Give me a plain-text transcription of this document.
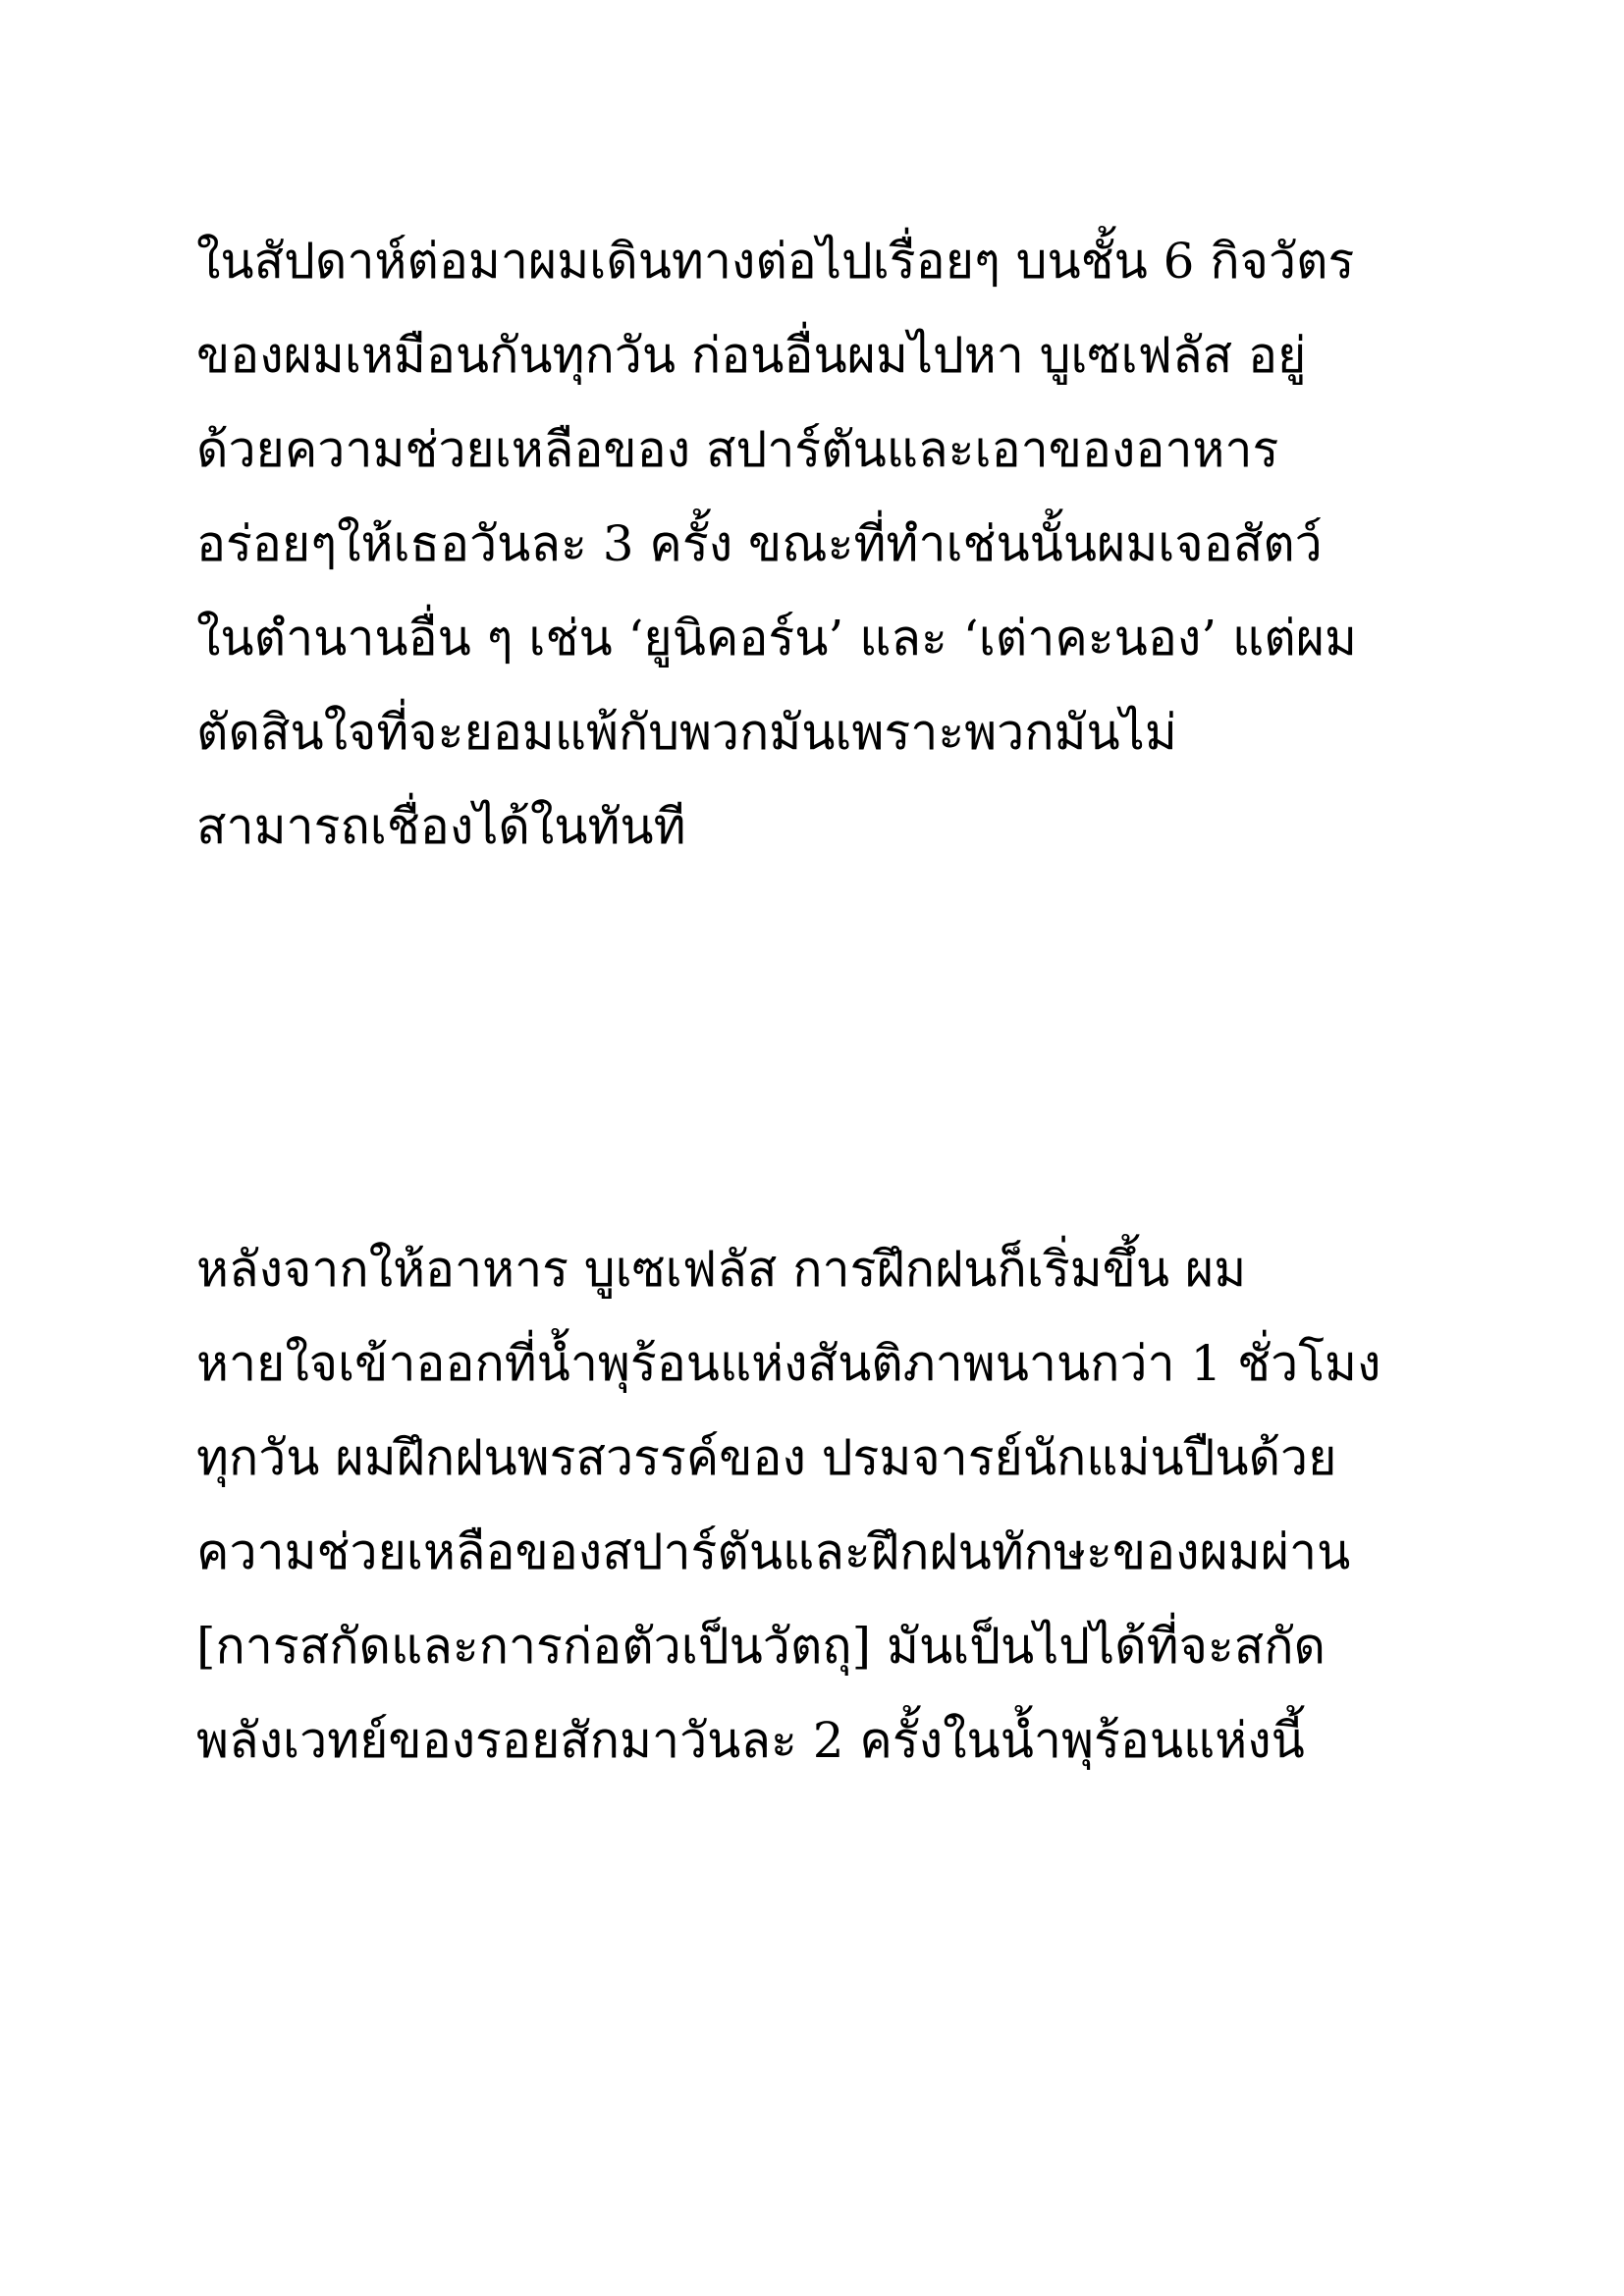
ในสัปดาห์ต่อมาผมเดินทางต่อไปเรื่อยๆ บนชั้น 6 กิจวัตร
ของผมเหมือนกันทุกวัน ก่อนอื่นผมไปหา บูเซเฟลัส อยู่
ด้วยความช่วยเหลือของ สปาร์ตันและเอาของอาหาร
อร่อยๆให้เธอวันละ 3 ครั้ง ขณะที่ทำเช่นนั้นผมเจอสัตว์
ในตำนานอื่น ๆ เช่น ‘ยูนิคอร์น’ และ ‘เต่าคะนอง’ แต่ผม
ตัดสินใจที่จะยอมแพ้กับพวกมันเพราะพวกมันไม่
สามารถเชื่องได้ในทันที
หลังจากให้อาหาร บูเซเฟลัส การฝึกฝนก็เริ่มขึ้น ผม
หายใจเข้าออกที่น้ำพุร้อนแห่งสันติภาพนานกว่า 1 ชั่วโมง
ทุกวัน ผมฝึกฝนพรสวรรค์ของ ปรมจารย์นักแม่นปืนด้วย
ความช่วยเหลือของสปาร์ตันและฝึกฝนทักษะของผมผ่าน
[การสกัดและการก่อตัวเป็นวัตถุ] มันเป็นไปได้ที่จะสกัด
พลังเวทย์ของรอยสักมาวันละ 2 ครั้งในน้ำพุร้อนแห่งนี้
